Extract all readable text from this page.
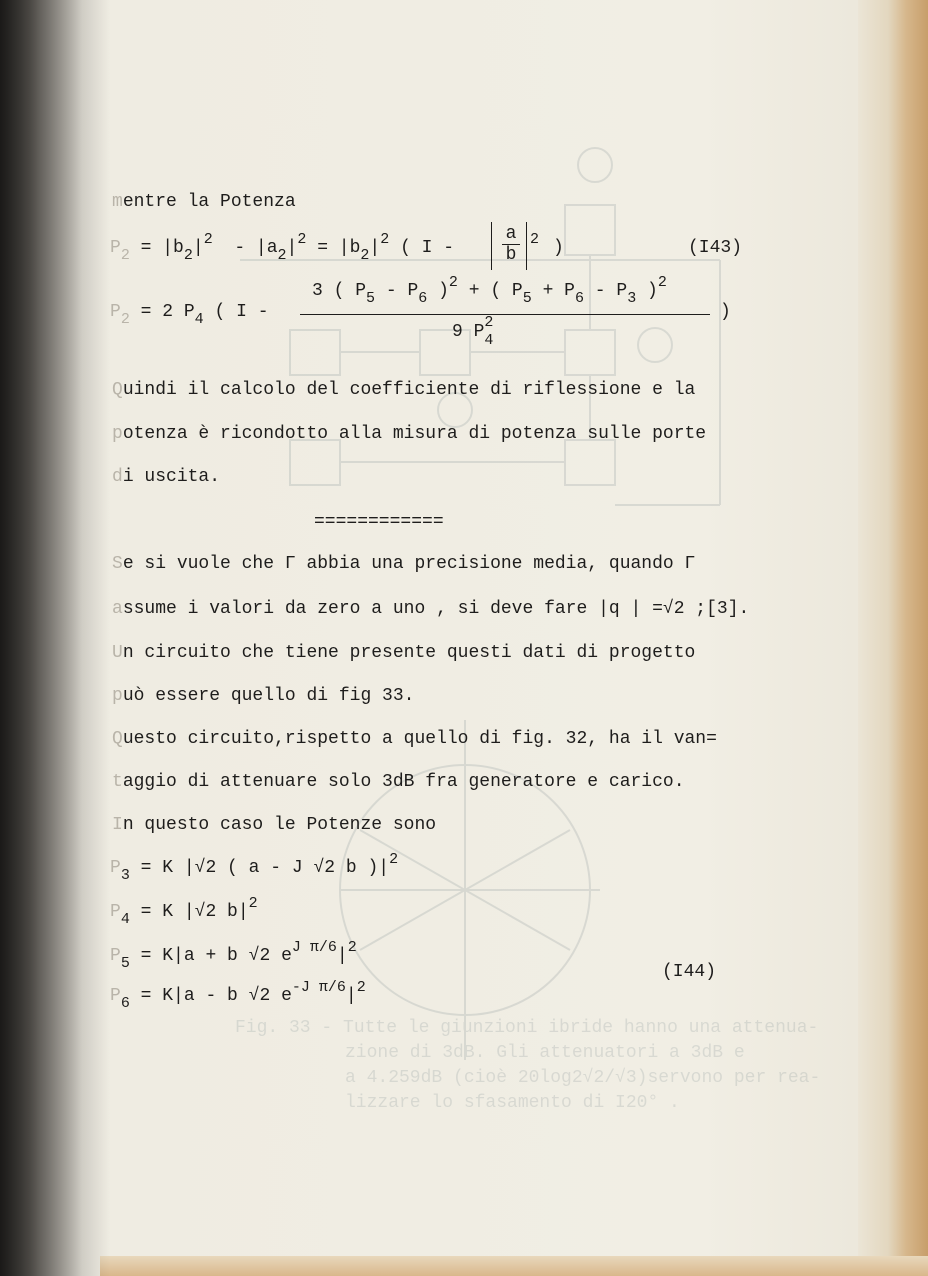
Fig. 33 - Tutte le giunzioni ibride hanno una attenua-
zione di 3dB. Gli attenuatori a 3dB e
a 4.259dB (cioè 20log2√2/√3)servono per rea-
lizzare lo sfasamento di I20° .
mentre la Potenza
$P_2 = |b_2|^2 - |a_2|^2 = |b_2|^2$ ( I -
a
b
2 )	(I43)
$P_2 = 2$ $P_4$ ( I -
3 ( $P_5 - P_6$ )$^2$ + ( $P_5 + P_6 - P_3$ )$^2$
9 P 2
4
)
Quindi il calcolo del coefficiente di riflessione e la
potenza è ricondotto alla misura di potenza sulle porte
di uscita.
============
Se si vuole che Γ abbia una precisione media, quando Γ
assume i valori da zero a uno , si deve fare |q | =√2 ;[3].
Un circuito che tiene presente questi dati di progetto
può essere quello di fig 33.
Questo circuito,rispetto a quello di fig. 32, ha il van=
taggio di attenuare solo 3dB fra generatore e carico.
In questo caso le Potenze sono
$P_3 = K$ |√2 ( a - J √2 b )$|^2$
$P_4 = K$ |√2 $b|^2$
$P_5 = K|a + b$ √2 $e^{J \pi/6}|^2$
$P_6 = K|a - b$ √2 $e^{-J \pi/6}|^2$
(I44)
